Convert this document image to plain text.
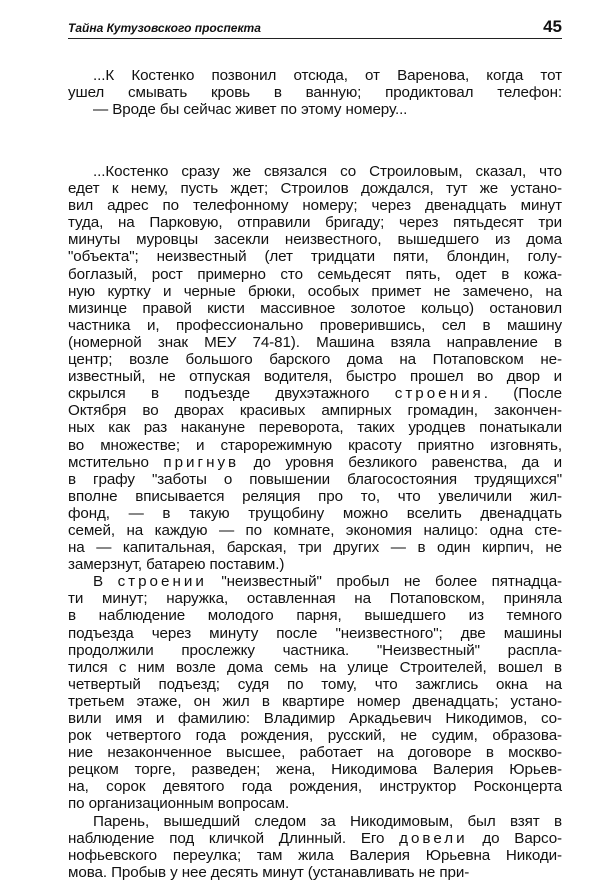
Тайна Кутузовского проспекта	45
...К Костенко позвонил отсюда, от Варенова, когда тот
ушел смывать кровь в ванную; продиктовал телефон:
— Вроде бы сейчас живет по этому номеру...
...Костенко сразу же связался со Строиловым, сказал, что
едет к нему, пусть ждет; Строилов дождался, тут же устано-
вил адрес по телефонному номеру; через двенадцать минут
туда, на Парковую, отправили бригаду; через пятьдесят три
минуты муровцы засекли неизвестного, вышедшего из дома
"объекта"; неизвестный (лет тридцати пяти, блондин, голу-
боглазый, рост примерно сто семьдесят пять, одет в кожа-
ную куртку и черные брюки, особых примет не замечено, на
мизинце правой кисти массивное золотое кольцо) остановил
частника и, профессионально проверившись, сел в машину
(номерной знак МЕУ 74-81). Машина взяла направление в
центр; возле большого барского дома на Потаповском не-
известный, не отпуская водителя, быстро прошел во двор и
скрылся в подъезде двухэтажного строения. (После
Октября во дворах красивых ампирных громадин, закончен-
ных как раз накануне переворота, таких уродцев понатыкали
во множестве; и старорежимную красоту приятно изговнять,
мстительно пригнув до уровня безликого равенства, да и
в графу "заботы о повышении благосостояния трудящихся"
вполне вписывается реляция про то, что увеличили жил-
фонд, — в такую трущобину можно вселить двенадцать
семей, на каждую — по комнате, экономия налицо: одна сте-
на — капитальная, барская, три других — в один кирпич, не
замерзнут, батарею поставим.)
В строении "неизвестный" пробыл не более пятнадца-
ти минут; наружка, оставленная на Потаповском, приняла
в наблюдение молодого парня, вышедшего из темного
подъезда через минуту после "неизвестного"; две машины
продолжили прослежку частника. "Неизвестный" распла-
тился с ним возле дома семь на улице Строителей, вошел в
четвертый подъезд; судя по тому, что зажглись окна на
третьем этаже, он жил в квартире номер двенадцать; устано-
вили имя и фамилию: Владимир Аркадьевич Никодимов, со-
рок четвертого года рождения, русский, не судим, образова-
ние незаконченное высшее, работает на договоре в москво-
рецком торге, разведен; жена, Никодимова Валерия Юрьев-
на, сорок девятого года рождения, инструктор Росконцерта
по организационным вопросам.
Парень, вышедший следом за Никодимовым, был взят в
наблюдение под кличкой Длинный. Его довели до Варсо-
нофьевского переулка; там жила Валерия Юрьевна Никоди-
мова. Пробыв у нее десять минут (устанавливать не при-
